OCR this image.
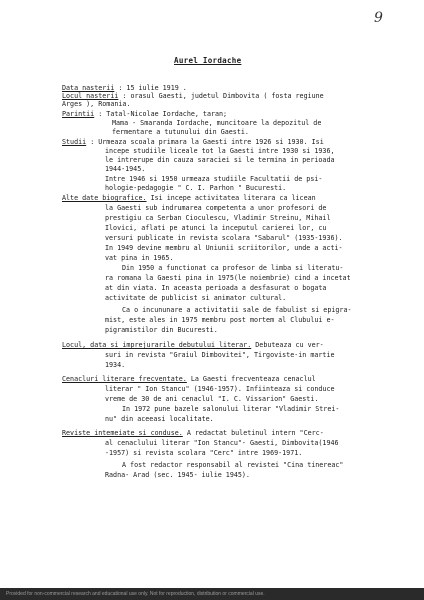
9
Aurel Iordache
Data nasterii : 15 iulie 1919 .
Locul nasterii : orasul Gaesti, judetul Dimbovita ( fosta regiune
Arges ), Romania.
Parintii : Tatal-Nicolae Iordache, taran;
Mama - Smaranda Iordache, muncitoare la depozitul de
fermentare a tutunului din Gaesti.
Studii : Urmeaza scoala primara la Gaesti intre 1926 si 1930. Isi
incepe studiile liceale tot la Gaesti intre 1930 si 1936,
le intrerupe din cauza saraciei si le termina in perioada
1944-1945.
Intre 1946 si 1950 urmeaza studiile Facultatii de psi-
hologie-pedagogie " C. I. Parhon " Bucuresti.
Alte date biografice. Isi incepe activitatea literara ca licean
la Gaesti sub indrumarea competenta a unor profesori de
prestigiu ca Serban Cioculescu, Vladimir Streinu, Mihail
Ilovici, aflati pe atunci la inceputul carierei lor, cu
versuri publicate in revista scolara "Sabarul" (1935-1936).
In 1949 devine membru al Uniunii scriitorilor, unde a acti-
vat pina in 1965.
Din 1950 a functionat ca profesor de limba si literatu-
ra romana la Gaesti pina in 1975(le noiembrie) cind a incetat
at din viata. In aceasta perioada a desfasurat o bogata
activitate de publicist si animator cultural.
Ca o incununare a activitatii sale de fabulist si epigra-
mist, este ales in 1975 membru post mortem al Clubului e-
pigramistilor din Bucuresti.
Locul, data si imprejurarile debutului literar. Debuteaza cu ver-
suri in revista "Graiul Dimbovitei", Tirgoviste-in martie
1934.
Cenaclurí literare frecventate. La Gaesti frecventeaza cenaclul
literar " Ion Stancu" (1946-1957). Infiinteaza si conduce
vreme de 30 de ani cenaclul "I. C. Vissarion" Gaesti.
In 1972 pune bazele salonului literar "Vladimir Strei-
nu" din aceeasi localitate.
Reviste intemeiate si conduse. A redactat buletinul intern "Cerc-
al cenaclului literar "Ion Stancu"- Gaesti, Dimbovita(1946
-1957) si revista scolara "Cerc" intre 1969-1971.
A fost redactor responsabil al revistei "Cina tinereac"
Radna- Arad (sec. 1945- iulie 1945).
Provided for non-commercial research and educational use only. Not for reproduction, distribution or commercial use.
